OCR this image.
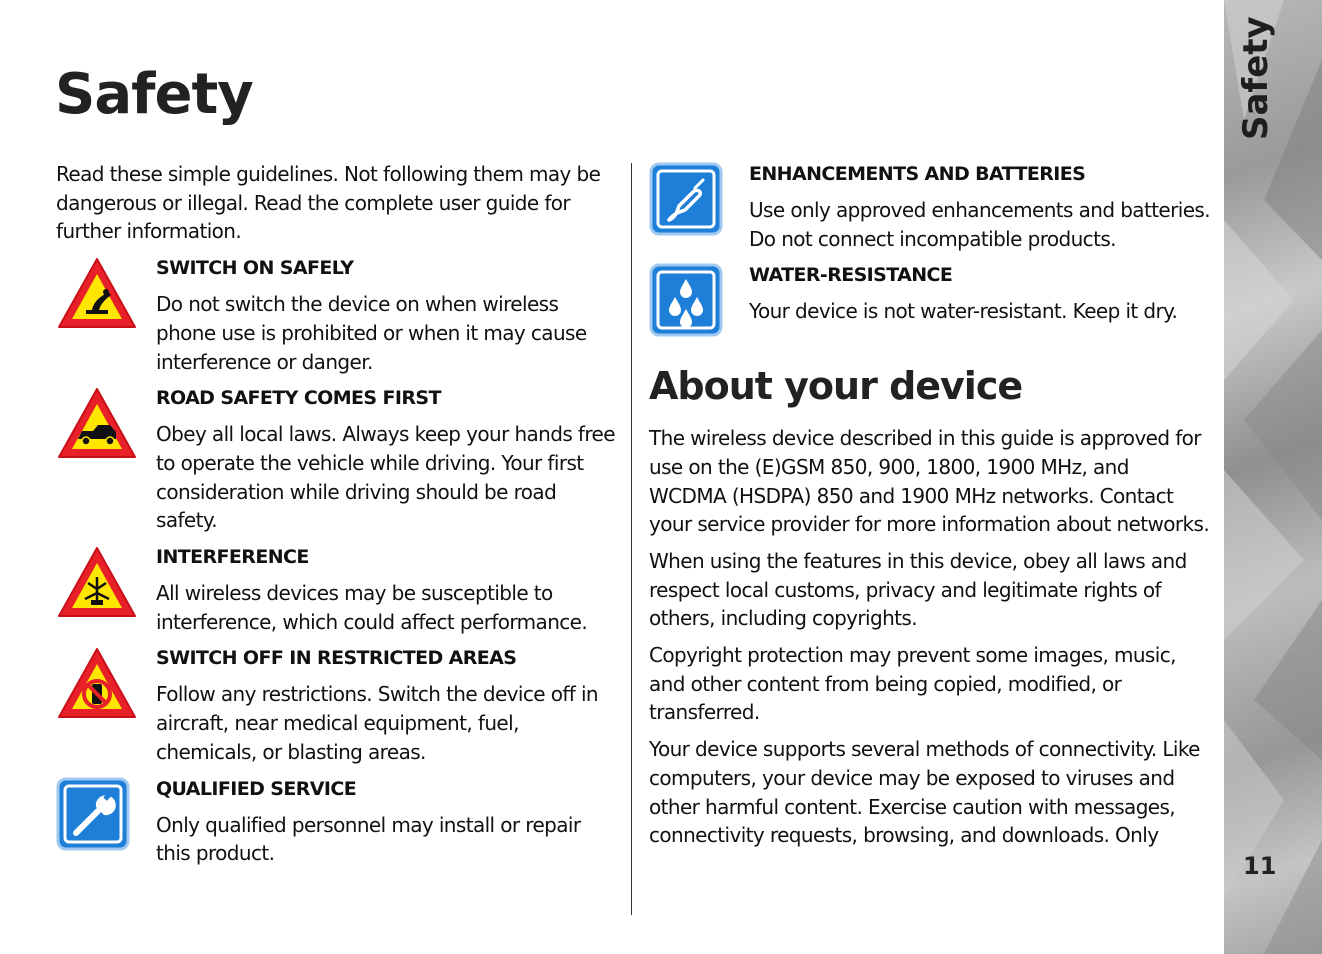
Safety

Read these simple guidelines. Not following them may be dangerous or illegal. Read the complete user guide for further information.

SWITCH ON SAFELY

Do not switch the device on when wireless phone use is prohibited or when it may cause interference or danger.

ROAD SAFETY COMES FIRST

Obey all local laws. Always keep your hands free to operate the vehicle while driving. Your first consideration while driving should be road safety.

INTERFERENCE

All wireless devices may be susceptible to interference, which could affect performance.

SWITCH OFF IN RESTRICTED AREAS

Follow any restrictions. Switch the device off in aircraft, near medical equipment, fuel, chemicals, or blasting areas.

QUALIFIED SERVICE

Only qualified personnel may install or repair this product.

ENHANCEMENTS AND BATTERIES

Use only approved enhancements and batteries. Do not connect incompatible products.

WATER-RESISTANCE

Your device is not water-resistant. Keep it dry.

About your device

The wireless device described in this guide is approved for use on the (E)GSM 850, 900, 1800, 1900 MHz, and WCDMA (HSDPA) 850 and 1900 MHz networks. Contact your service provider for more information about networks.

When using the features in this device, obey all laws and respect local customs, privacy and legitimate rights of others, including copyrights.

Copyright protection may prevent some images, music, and other content from being copied, modified, or transferred.

Your device supports several methods of connectivity. Like computers, your device may be exposed to viruses and other harmful content. Exercise caution with messages, connectivity requests, browsing, and downloads. Only

Safety
11
